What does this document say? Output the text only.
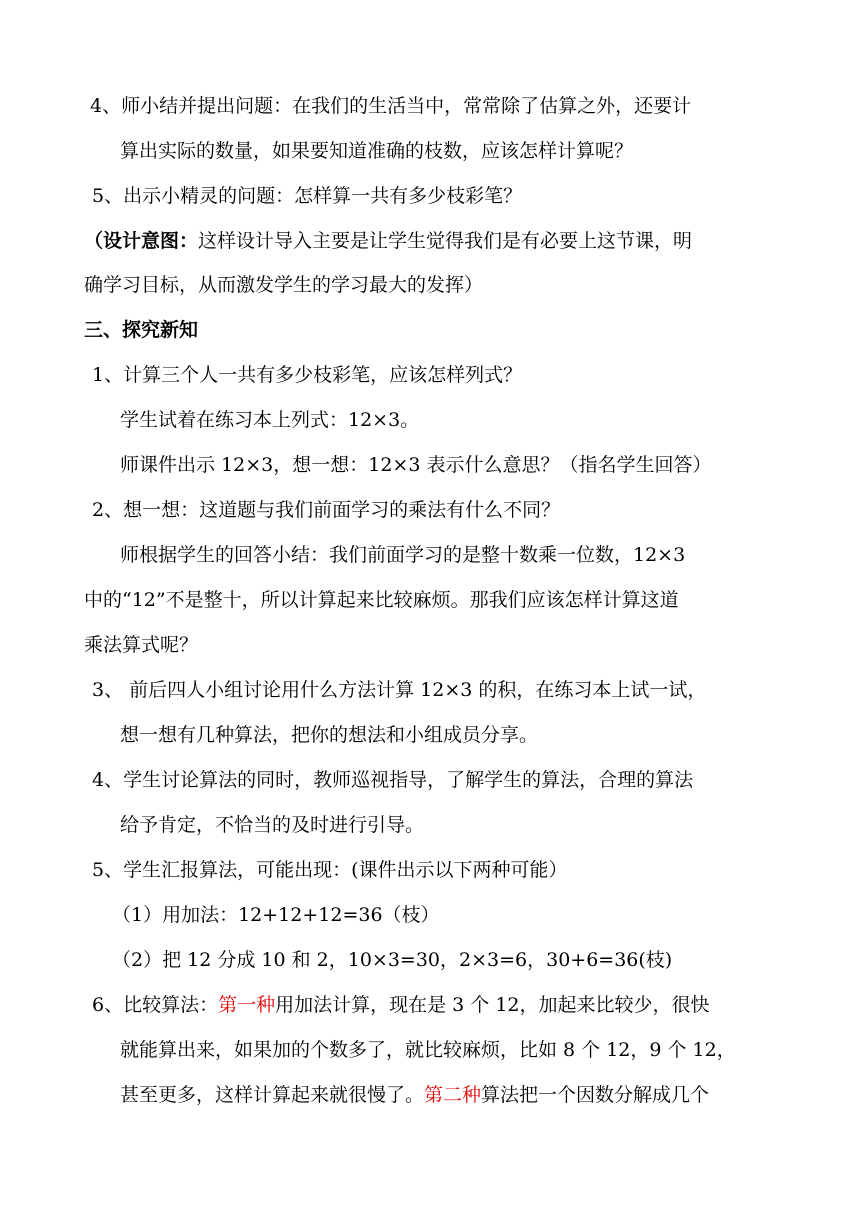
4、师小结并提出问题：在我们的生活当中，常常除了估算之外，还要计
算出实际的数量，如果要知道准确的枝数，应该怎样计算呢？
5、出示小精灵的问题：怎样算一共有多少枝彩笔？
（设计意图：这样设计导入主要是让学生觉得我们是有必要上这节课，明
确学习目标，从而激发学生的学习最大的发挥）
三、探究新知
1、计算三个人一共有多少枝彩笔，应该怎样列式？
学生试着在练习本上列式：12×3。
师课件出示 12×3，想一想：12×3 表示什么意思？（指名学生回答）
2、想一想：这道题与我们前面学习的乘法有什么不同？
师根据学生的回答小结：我们前面学习的是整十数乘一位数，12×3
中的“12”不是整十，所以计算起来比较麻烦。那我们应该怎样计算这道
乘法算式呢？
3、 前后四人小组讨论用什么方法计算 12×3 的积，在练习本上试一试，
想一想有几种算法，把你的想法和小组成员分享。
4、学生讨论算法的同时，教师巡视指导，了解学生的算法，合理的算法
给予肯定，不恰当的及时进行引导。
5、学生汇报算法，可能出现：(课件出示以下两种可能）
（1）用加法：12+12+12=36（枝）
（2）把 12 分成 10 和 2，10×3=30，2×3=6，30+6=36(枝)
6、比较算法：第一种用加法计算，现在是 3 个 12，加起来比较少，很快
就能算出来，如果加的个数多了，就比较麻烦，比如 8 个 12，9 个 12，
甚至更多，这样计算起来就很慢了。第二种算法把一个因数分解成几个
